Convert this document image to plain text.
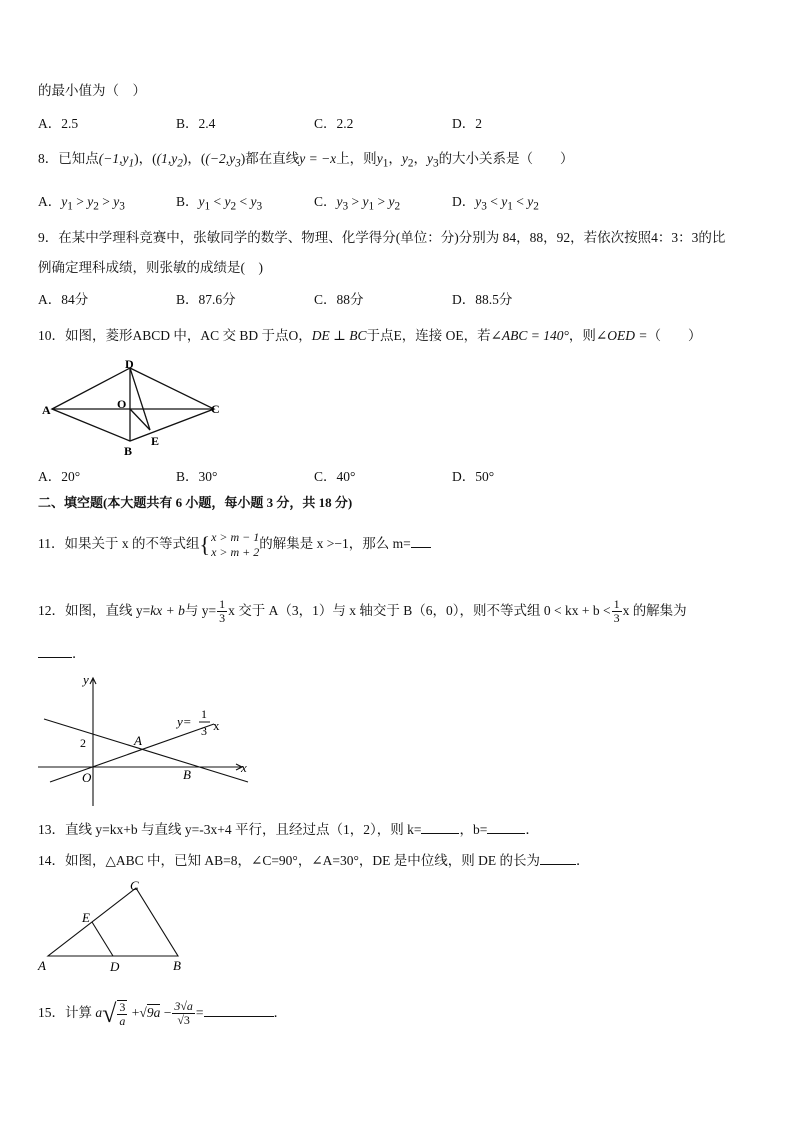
的最小值为（　）
A．2.5	B．2.4	C．2.2	D．2
8．已知点$(-1,y_1)$，($(1,y_2)$，($(-2,y_3)$都在直线y = −x上，则$y_1$，$y_2$，$y_3$的大小关系是（　　）
A．$y_1 > y_2 > y_3$	B．$y_1 < y_2 < y_3$	C．$y_3 > y_1 > y_2$	D．$y_3 < y_1 < y_2$
9．在某中学理科竞赛中，张敏同学的数学、物理、化学得分(单位：分)分别为 84，88，92，若依次按照4：3：3的比
例确定理科成绩，则张敏的成绩是(　)
A．84分	B．87.6分	C．88分	D．88.5分
10．如图，菱形ABCD 中，AC 交 BD 于点O，DE ⊥ BC于点E，连接 OE，若∠ABC = 140°，则∠OED =（　　）
A
D
O	C
B
E
A．20°	B．30°	C．40°	D．50°
二、填空题(本大题共有 6 小题，每小题 3 分，共 18 分)
11．如果关于 x 的不等式组{ x > m − 1
x > m + 2
的解集是 x >−1，那么 m=
12．如图，直线 y=kx + b与 $y= \frac{1}{3}$ x 交于 A（3，1）与 x 轴交于 B（6，0），则不等式组 0 < kx + $b < \frac{1}{3}$ x 的解集为
．
y
x
2	A
O	B
y= 1
3 x
13．直线 y=kx+b 与直线 y=-3x+4 平行，且经过点（1，2），则 k=	，b=	．
14．如图，△ABC 中，已知 AB=8，∠C=90°，∠A=30°，DE 是中位线，则 DE 的长为	．
C
E
A	D	B
15．计算 $a√ \frac{3}{a} +√9a - \frac{3√a}{√3}$ =	．
